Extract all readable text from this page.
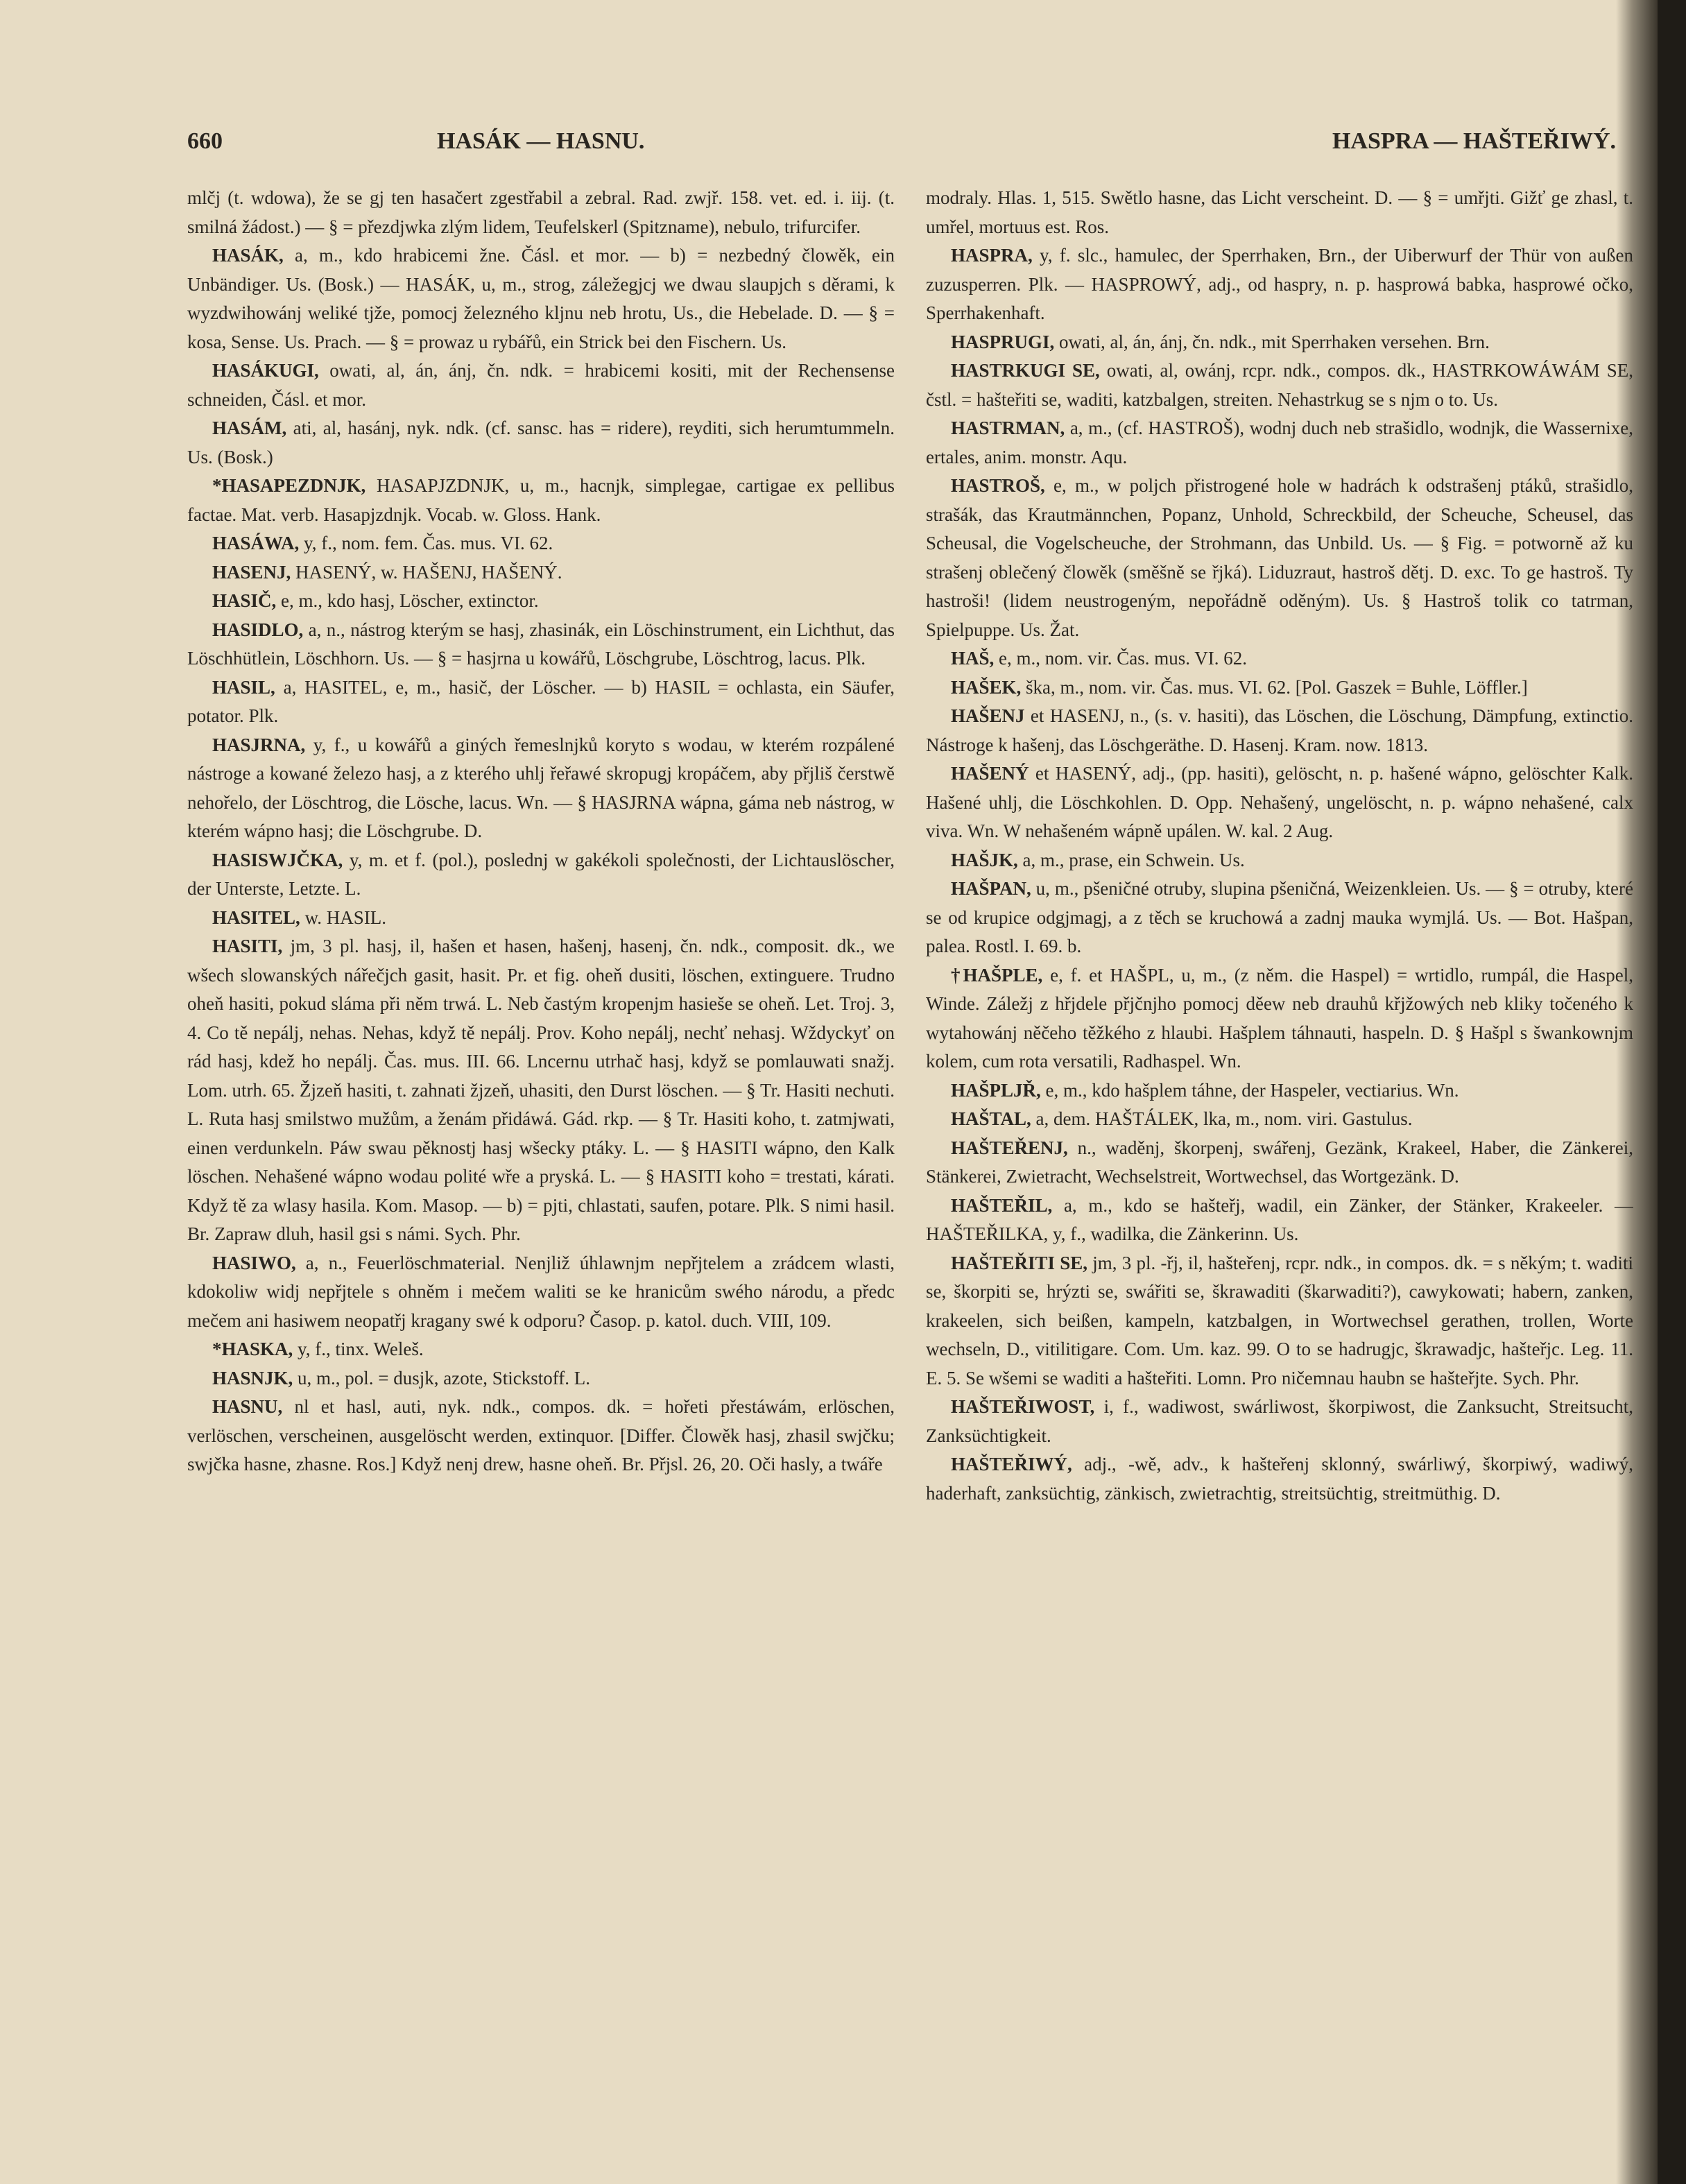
660	HASÁK — HASNU.	HASPRA — HAŠTEŘIWÝ.

mlčj (t. wdowa), že se gj ten hasačert zgestřabil a zebral. Rad. zwjř. 158. vet. ed. i. iij. (t. smilná žádost.) — § = přezdjwka zlým lidem, Teufelskerl (Spitzname), nebulo, trifurcifer.

HASÁK, a, m., kdo hrabicemi žne. Čásl. et mor. — b) = nezbedný člowěk, ein Unbändiger. Us. (Bosk.) — HASÁK, u, m., strog, záležegjcj we dwau slaupjch s děrami, k wyzdwihowánj weliké tjže, pomocj železného kljnu neb hrotu, Us., die Hebelade. D. — § = kosa, Sense. Us. Prach. — § = prowaz u rybářů, ein Strick bei den Fischern. Us.

HASÁKUGI, owati, al, án, ánj, čn. ndk. = hrabicemi kositi, mit der Rechensense schneiden, Čásl. et mor.

HASÁM, ati, al, hasánj, nyk. ndk. (cf. sansc. has = ridere), reyditi, sich herumtummeln. Us. (Bosk.)

*HASAPEZDNJK, HASAPJZDNJK, u, m., hacnjk, simplegae, cartigae ex pellibus factae. Mat. verb. Hasapjzdnjk. Vocab. w. Gloss. Hank.

HASÁWA, y, f., nom. fem. Čas. mus. VI. 62.

HASENJ, HASENÝ, w. HAŠENJ, HAŠENÝ.

HASIČ, e, m., kdo hasj, Löscher, extinctor.

HASIDLO, a, n., nástrog kterým se hasj, zhasinák, ein Löschinstrument, ein Lichthut, das Löschhütlein, Löschhorn. Us. — § = hasjrna u kowářů, Löschgrube, Löschtrog, lacus. Plk.

HASIL, a, HASITEL, e, m., hasič, der Löscher. — b) HASIL = ochlasta, ein Säufer, potator. Plk.

HASJRNA, y, f., u kowářů a giných řemeslnjků koryto s wodau, w kterém rozpálené nástroge a kowané železo hasj, a z kterého uhlj řeřawé skropugj kropáčem, aby přjliš čerstwě nehořelo, der Löschtrog, die Lösche, lacus. Wn. — § HASJRNA wápna, gáma neb nástrog, w kterém wápno hasj; die Löschgrube. D.

HASISWJČKA, y, m. et f. (pol.), poslednj w gakékoli společnosti, der Lichtauslöscher, der Unterste, Letzte. L.

HASITEL, w. HASIL.

HASITI, jm, 3 pl. hasj, il, hašen et hasen, hašenj, hasenj, čn. ndk., composit. dk., we wšech slowanských nářečjch gasit, hasit. Pr. et fig. oheň dusiti, löschen, extinguere. Trudno oheň hasiti, pokud sláma při něm trwá. L. Neb častým kropenjm hasieše se oheň. Let. Troj. 3, 4. Co tě nepálj, nehas. Nehas, když tě nepálj. Prov. Koho nepálj, nechť nehasj. Wždyckyť on rád hasj, kdež ho nepálj. Čas. mus. III. 66. Lncernu utrhač hasj, když se pomlauwati snažj. Lom. utrh. 65. Žjzeň hasiti, t. zahnati žjzeň, uhasiti, den Durst löschen. — § Tr. Hasiti nechuti. L. Ruta hasj smilstwo mužům, a ženám přidáwá. Gád. rkp. — § Tr. Hasiti koho, t. zatmjwati, einen verdunkeln. Páw swau pěknostj hasj wšecky ptáky. L. — § HASITI wápno, den Kalk löschen. Nehašené wápno wodau polité wře a pryská. L. — § HASITI koho = trestati, kárati. Když tě za wlasy hasila. Kom. Masop. — b) = pjti, chlastati, saufen, potare. Plk. S nimi hasil. Br. Zapraw dluh, hasil gsi s námi. Sych. Phr.

HASIWO, a, n., Feuerlöschmaterial. Nenjliž úhlawnjm nepřjtelem a zrádcem wlasti, kdokoliw widj nepřjtele s ohněm i mečem waliti se ke hranicům swého národu, a předc mečem ani hasiwem neopatřj kragany swé k odporu? Časop. p. katol. duch. VIII, 109.

*HASKA, y, f., tinx. Weleš.

HASNJK, u, m., pol. = dusjk, azote, Stickstoff. L.

HASNU, nl et hasl, auti, nyk. ndk., compos. dk. = hořeti přestáwám, erlöschen, verlöschen, verscheinen, ausgelöscht werden, extinquor. [Differ. Člowěk hasj, zhasil swjčku; swjčka hasne, zhasne. Ros.] Když nenj drew, hasne oheň. Br. Přjsl. 26, 20. Oči hasly, a twáře

modraly. Hlas. 1, 515. Swětlo hasne, das Licht verscheint. D. — § = umřjti. Gižť ge zhasl, t. umřel, mortuus est. Ros.

HASPRA, y, f. slc., hamulec, der Sperrhaken, Brn., der Uiberwurf der Thür von außen zuzusperren. Plk. — HASPROWÝ, adj., od haspry, n. p. hasprowá babka, hasprowé očko, Sperrhakenhaft.

HASPRUGI, owati, al, án, ánj, čn. ndk., mit Sperrhaken versehen. Brn.

HASTRKUGI SE, owati, al, owánj, rcpr. ndk., compos. dk., HASTRKOWÁWÁM SE, čstl. = hašteřiti se, waditi, katzbalgen, streiten. Nehastrkug se s njm o to. Us.

HASTRMAN, a, m., (cf. HASTROŠ), wodnj duch neb strašidlo, wodnjk, die Wassernixe, ertales, anim. monstr. Aqu.

HASTROŠ, e, m., w poljch přistrogené hole w hadrách k odstrašenj ptáků, strašidlo, strašák, das Krautmännchen, Popanz, Unhold, Schreckbild, der Scheuche, Scheusel, das Scheusal, die Vogelscheuche, der Strohmann, das Unbild. Us. — § Fig. = potworně až ku strašenj oblečený člowěk (směšně se řjká). Liduzraut, hastroš dětj. D. exc. To ge hastroš. Ty hastroši! (lidem neustrogeným, nepořádně oděným). Us. § Hastroš tolik co tatrman, Spielpuppe. Us. Žat.

HAŠ, e, m., nom. vir. Čas. mus. VI. 62.

HAŠEK, ška, m., nom. vir. Čas. mus. VI. 62. [Pol. Gaszek = Buhle, Löffler.]

HAŠENJ et HASENJ, n., (s. v. hasiti), das Löschen, die Löschung, Dämpfung, extinctio. Nástroge k hašenj, das Löschgeräthe. D. Hasenj. Kram. now. 1813.

HAŠENÝ et HASENÝ, adj., (pp. hasiti), gelöscht, n. p. hašené wápno, gelöschter Kalk. Hašené uhlj, die Löschkohlen. D. Opp. Nehašený, ungelöscht, n. p. wápno nehašené, calx viva. Wn. W nehašeném wápně upálen. W. kal. 2 Aug.

HAŠJK, a, m., prase, ein Schwein. Us.

HAŠPAN, u, m., pšeničné otruby, slupina pšeničná, Weizenkleien. Us. — § = otruby, které se od krupice odgjmagj, a z těch se kruchowá a zadnj mauka wymjlá. Us. — Bot. Hašpan, palea. Rostl. I. 69. b.

†HAŠPLE, e, f. et HAŠPL, u, m., (z něm. die Haspel) = wrtidlo, rumpál, die Haspel, Winde. Záležj z hřjdele přjčnjho pomocj děew neb drauhů křjžowých neb kliky točeného k wytahowánj něčeho těžkého z hlaubi. Hašplem táhnauti, haspeln. D. § Hašpl s šwankownjm kolem, cum rota versatili, Radhaspel. Wn.

HAŠPLJŘ, e, m., kdo hašplem táhne, der Haspeler, vectiarius. Wn.

HAŠTAL, a, dem. HAŠTÁLEK, lka, m., nom. viri. Gastulus.

HAŠTEŘENJ, n., waděnj, škorpenj, swářenj, Gezänk, Krakeel, Haber, die Zänkerei, Stänkerei, Zwietracht, Wechselstreit, Wortwechsel, das Wortgezänk. D.

HAŠTEŘIL, a, m., kdo se hašteřj, wadil, ein Zänker, der Stänker, Krakeeler. — HAŠTEŘILKA, y, f., wadilka, die Zänkerinn. Us.

HAŠTEŘITI SE, jm, 3 pl. -řj, il, hašteřenj, rcpr. ndk., in compos. dk. = s někým; t. waditi se, škorpiti se, hrýzti se, swářiti se, škrawaditi (škarwaditi?), cawykowati; habern, zanken, krakeelen, sich beißen, kampeln, katzbalgen, in Wortwechsel gerathen, trollen, Worte wechseln, D., vitilitigare. Com. Um. kaz. 99. O to se hadrugjc, škrawadjc, hašteřjc. Leg. 11. E. 5. Se wšemi se waditi a hašteřiti. Lomn. Pro ničemnau haubn se hašteřjte. Sych. Phr.

HAŠTEŘIWOST, i, f., wadiwost, swárliwost, škorpiwost, die Zanksucht, Streitsucht, Zanksüchtigkeit.

HAŠTEŘIWÝ, adj., -wě, adv., k hašteřenj sklonný, swárliwý, škorpiwý, wadiwý, haderhaft, zanksüchtig, zänkisch, zwietrachtig, streitsüchtig, streitmüthig. D.
